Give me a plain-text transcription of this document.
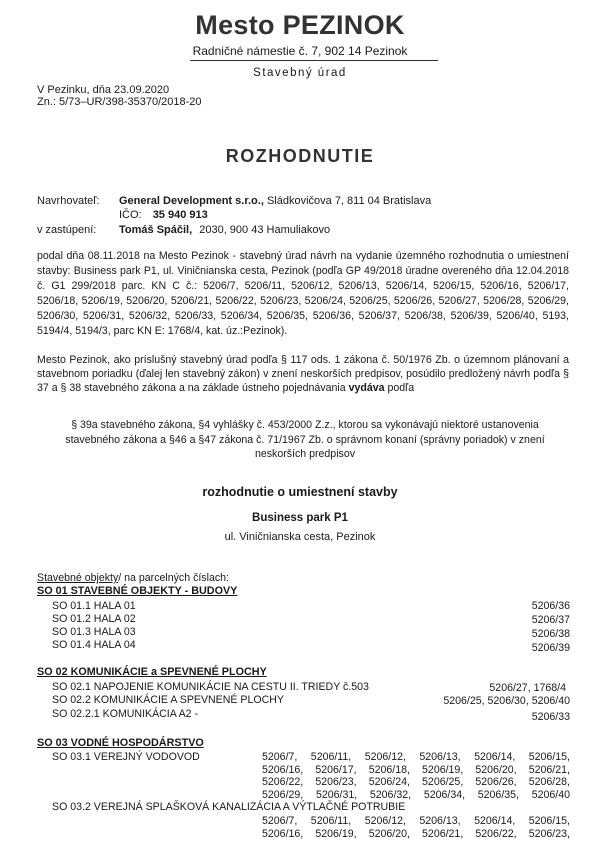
Mesto PEZINOK
Radničné námestie č. 7, 902 14 Pezinok
Stavebný úrad
V Pezinku, dňa 23.09.2020
Zn.: 5/73–UR/398-35370/2018-20
ROZHODNUTIE
Navrhovateľ: General Development s.r.o., Sládkovičova 7, 811 04 Bratislava
IČO: 35 940 913
v zastúpení: Tomáš Spáčil, 2030, 900 43 Hamuliakovo
podal dňa 08.11.2018 na Mesto Pezinok - stavebný úrad návrh na vydanie územného rozhodnutia o umiestnení stavby: Business park P1, ul. Viničnianska cesta, Pezinok (podľa GP 49/2018 úradne overeného dňa 12.04.2018 č. G1 299/2018 parc. KN C č.: 5206/7, 5206/11, 5206/12, 5206/13, 5206/14, 5206/15, 5206/16, 5206/17, 5206/18, 5206/19, 5206/20, 5206/21, 5206/22, 5206/23, 5206/24, 5206/25, 5206/26, 5206/27, 5206/28, 5206/29, 5206/30, 5206/31, 5206/32, 5206/33, 5206/34, 5206/35, 5206/36, 5206/37, 5206/38, 5206/39, 5206/40, 5193, 5194/4, 5194/3, parc KN E: 1768/4, kat. úz.:Pezinok).
Mesto Pezinok, ako príslušný stavebný úrad podľa § 117 ods. 1 zákona č. 50/1976 Zb. o územnom plánovaní a stavebnom poriadku (ďalej len stavebný zákon) v znení neskorších predpisov, posúdilo predložený návrh podľa § 37 a § 38 stavebného zákona a na základe ústneho pojednávania vydáva podľa
§ 39a stavebného zákona, §4 vyhlášky č. 453/2000 Z.z., ktorou sa vykonávajú niektoré ustanovenia stavebného zákona a §46 a §47 zákona č. 71/1967 Zb. o správnom konaní (správny poriadok) v znení neskorších predpisov
rozhodnutie o umiestnení stavby
Business park P1
ul. Viničnianska cesta, Pezinok
Stavebné objekty/ na parcelných číslach:
SO 01 STAVEBNÉ OBJEKTY - BUDOVY
SO 01.1 HALA 01	5206/36
SO 01.2 HALA 02	5206/37
SO 01.3 HALA 03	5206/38
SO 01.4 HALA 04	5206/39
SO 02 KOMUNIKÁCIE a SPEVNENÉ PLOCHY
SO 02.1 NAPOJENIE KOMUNIKÁCIE NA CESTU II. TRIEDY č.503	5206/27, 1768/4
SO 02.2 KOMUNIKÁCIE A SPEVNENÉ PLOCHY	5206/25, 5206/30, 5206/40
SO 02.2.1 KOMUNIKÁCIA A2 -	5206/33
SO 03 VODNÉ HOSPODÁRSTVO
SO 03.1 VEREJNÝ VODOVOD	5206/7, 5206/11, 5206/12, 5206/13, 5206/14, 5206/15,
5206/16, 5206/17, 5206/18, 5206/19, 5206/20, 5206/21,
5206/22, 5206/23, 5206/24, 5206/25, 5206/26, 5206/28,
5206/29, 5206/31, 5206/32, 5206/34, 5206/35, 5206/40
SO 03.2 VEREJNÁ SPLAŠKOVÁ KANALIZÁCIA A VÝTLAČNÉ POTRUBIE
5206/7, 5206/11, 5206/12, 5206/13, 5206/14, 5206/15,
5206/16, 5206/19, 5206/20, 5206/21, 5206/22, 5206/23,
